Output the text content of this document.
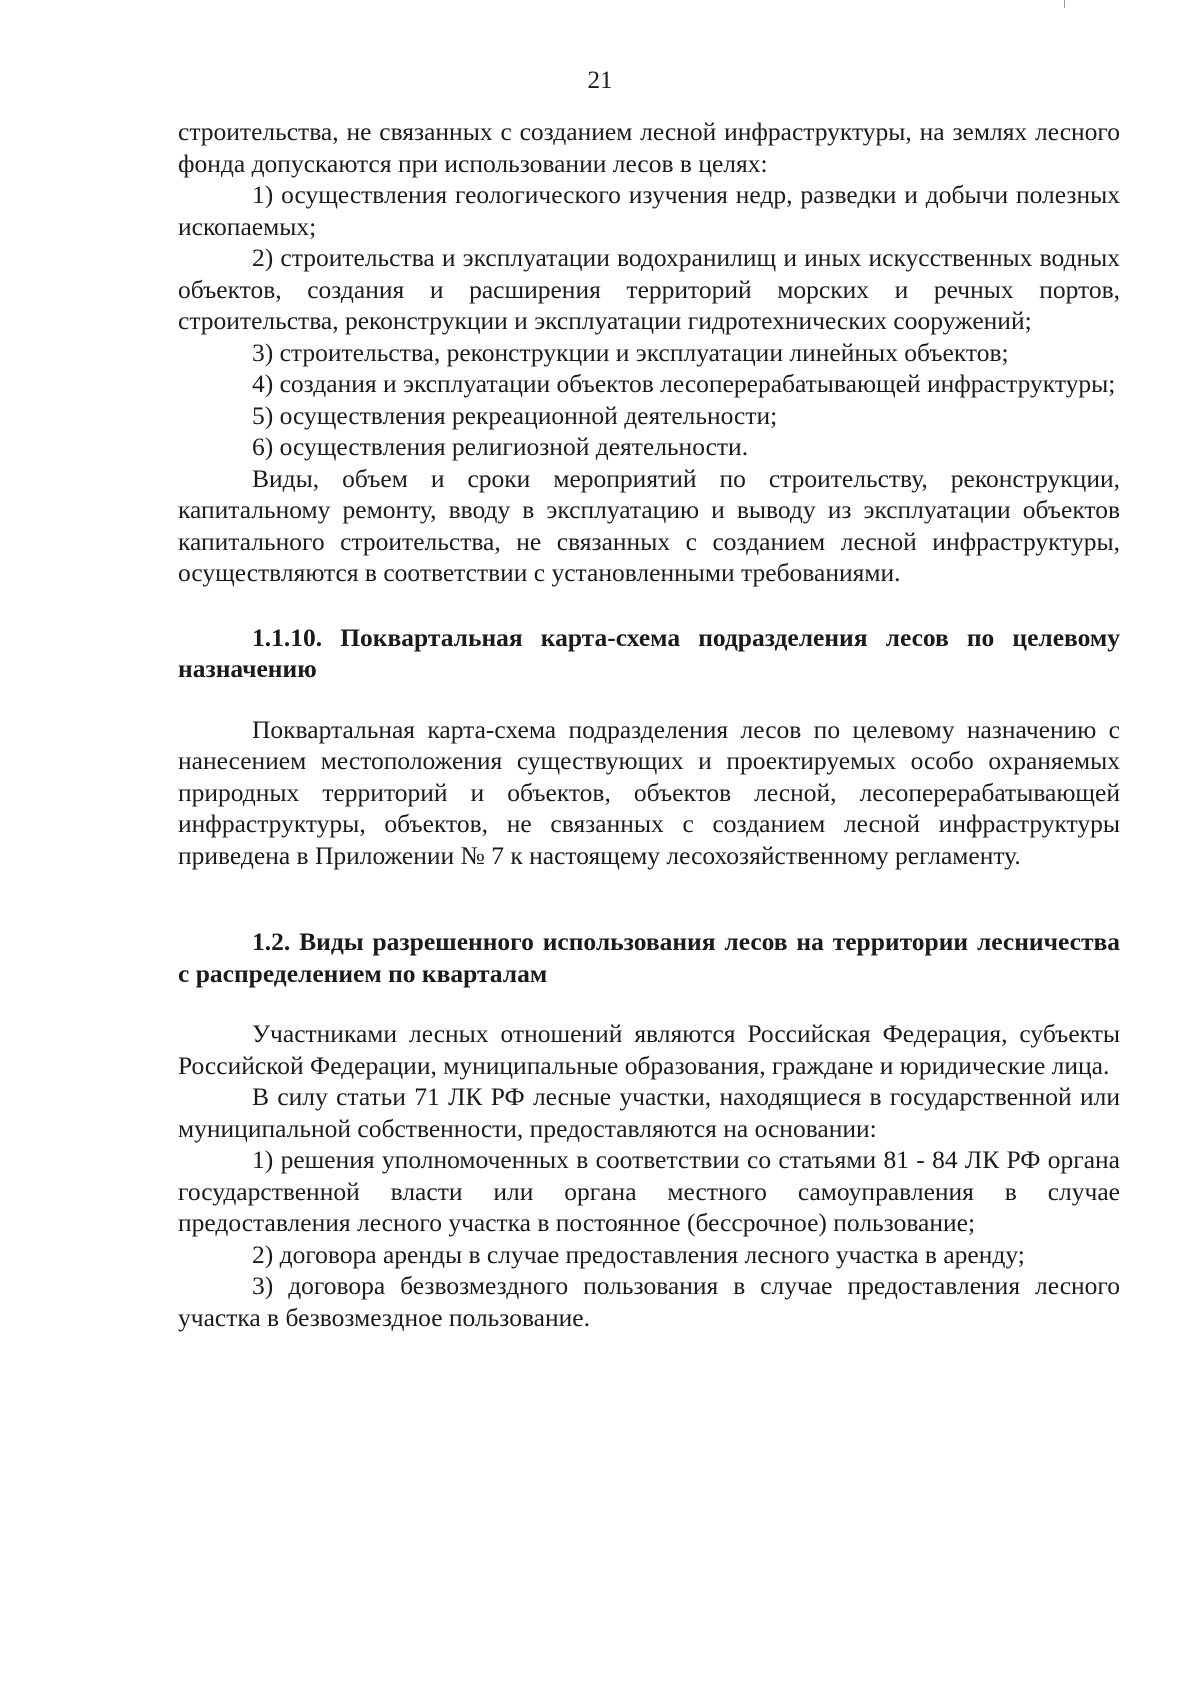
21

строительства, не связанных с созданием лесной инфраструктуры, на землях лесного фонда допускаются при использовании лесов в целях:

1) осуществления геологического изучения недр, разведки и добычи полезных ископаемых;

2) строительства и эксплуатации водохранилищ и иных искусственных водных объектов, создания и расширения территорий морских и речных портов, строительства, реконструкции и эксплуатации гидротехнических сооружений;

3) строительства, реконструкции и эксплуатации линейных объектов;

4) создания и эксплуатации объектов лесоперерабатывающей инфраструктуры;

5) осуществления рекреационной деятельности;

6) осуществления религиозной деятельности.

Виды, объем и сроки мероприятий по строительству, реконструкции, капитальному ремонту, вводу в эксплуатацию и выводу из эксплуатации объектов капитального строительства, не связанных с созданием лесной инфраструктуры, осуществляются в соответствии с установленными требованиями.

1.1.10. Поквартальная карта-схема подразделения лесов по целевому назначению

Поквартальная карта-схема подразделения лесов по целевому назначению с нанесением местоположения существующих и проектируемых особо охраняемых природных территорий и объектов, объектов лесной, лесоперерабатывающей инфраструктуры, объектов, не связанных с созданием лесной инфраструктуры приведена в Приложении № 7 к настоящему лесохозяйственному регламенту.

1.2. Виды разрешенного использования лесов на территории лесничества с распределением по кварталам

Участниками лесных отношений являются Российская Федерация, субъекты Российской Федерации, муниципальные образования, граждане и юридические лица.

В силу статьи 71 ЛК РФ лесные участки, находящиеся в государственной или муниципальной собственности, предоставляются на основании:

1) решения уполномоченных в соответствии со статьями 81 - 84 ЛК РФ органа государственной власти или органа местного самоуправления в случае предоставления лесного участка в постоянное (бессрочное) пользование;

2) договора аренды в случае предоставления лесного участка в аренду;

3) договора безвозмездного пользования в случае предоставления лесного участка в безвозмездное пользование.
